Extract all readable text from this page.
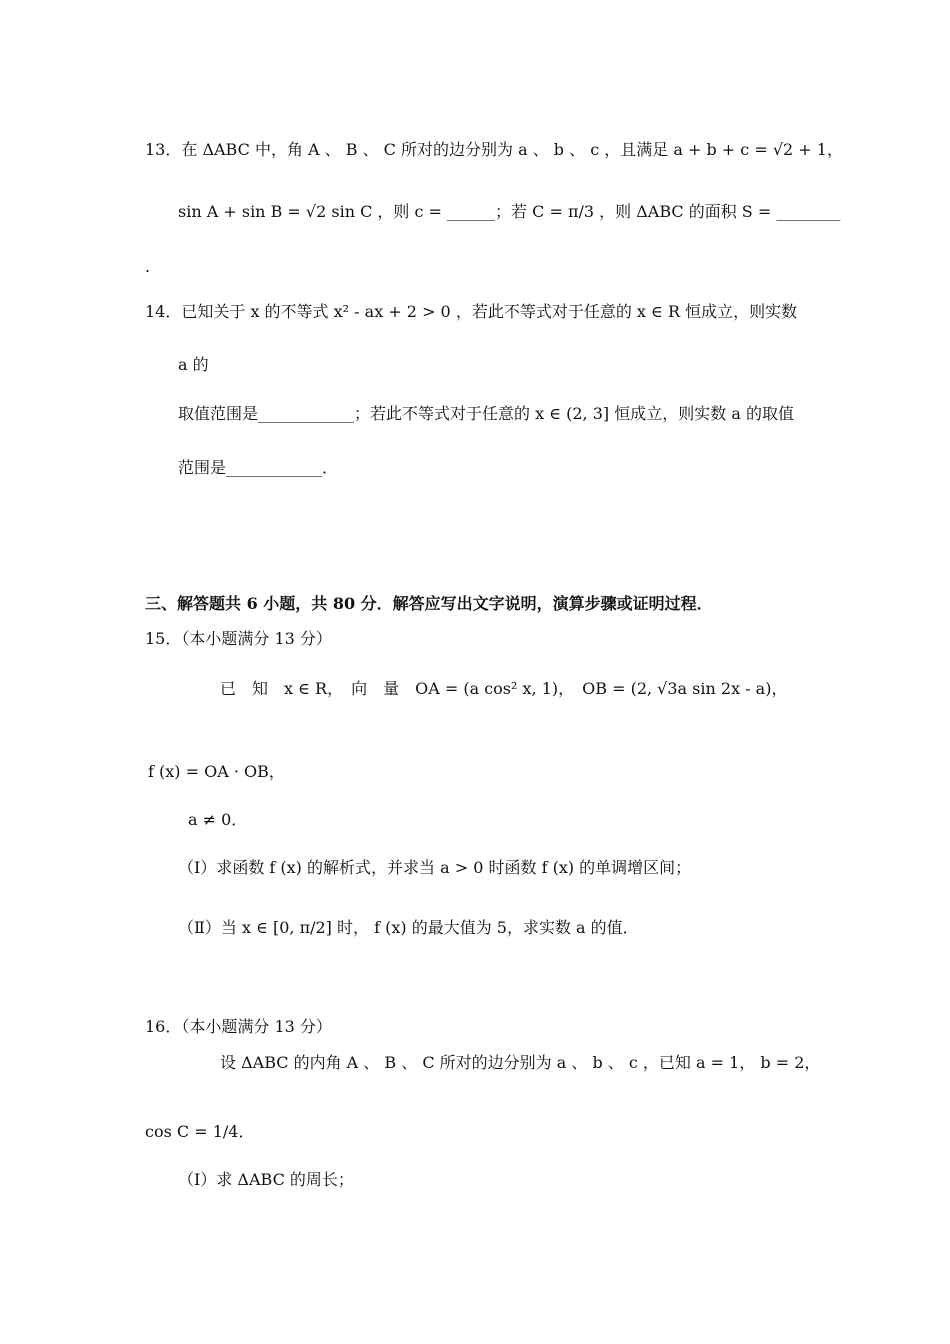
13．在 ΔABC 中，角 A 、 B 、 C 所对的边分别为 a 、 b 、 c ，且满足 a + b + c = √2 + 1，
sin A + sin B = √2 sin C ，则 c = ______；若 C = π/3 ，则 ΔABC 的面积 S = ________
.
14．已知关于 x 的不等式 x² - ax + 2 > 0 ，若此不等式对于任意的 x ∈ R 恒成立，则实数
a 的
取值范围是____________；若此不等式对于任意的 x ∈ (2, 3] 恒成立，则实数 a 的取值
范围是____________．
三、解答题共 6 小题，共 80 分．解答应写出文字说明，演算步骤或证明过程．
15．（本小题满分 13 分）
已　知　x ∈ R，　向　量　OA = (a cos² x, 1)，　OB = (2, √3a sin 2x - a)，
f (x) = OA · OB，
a ≠ 0．
（Ⅰ）求函数 f (x) 的解析式，并求当 a > 0 时函数 f (x) 的单调增区间；
（Ⅱ）当 x ∈ [0, π/2] 时， f (x) 的最大值为 5，求实数 a 的值．
16．（本小题满分 13 分）
设 ΔABC 的内角 A 、 B 、 C 所对的边分别为 a 、 b 、 c ，已知 a = 1， b = 2，
cos C = 1/4．
（Ⅰ）求 ΔABC 的周长；
